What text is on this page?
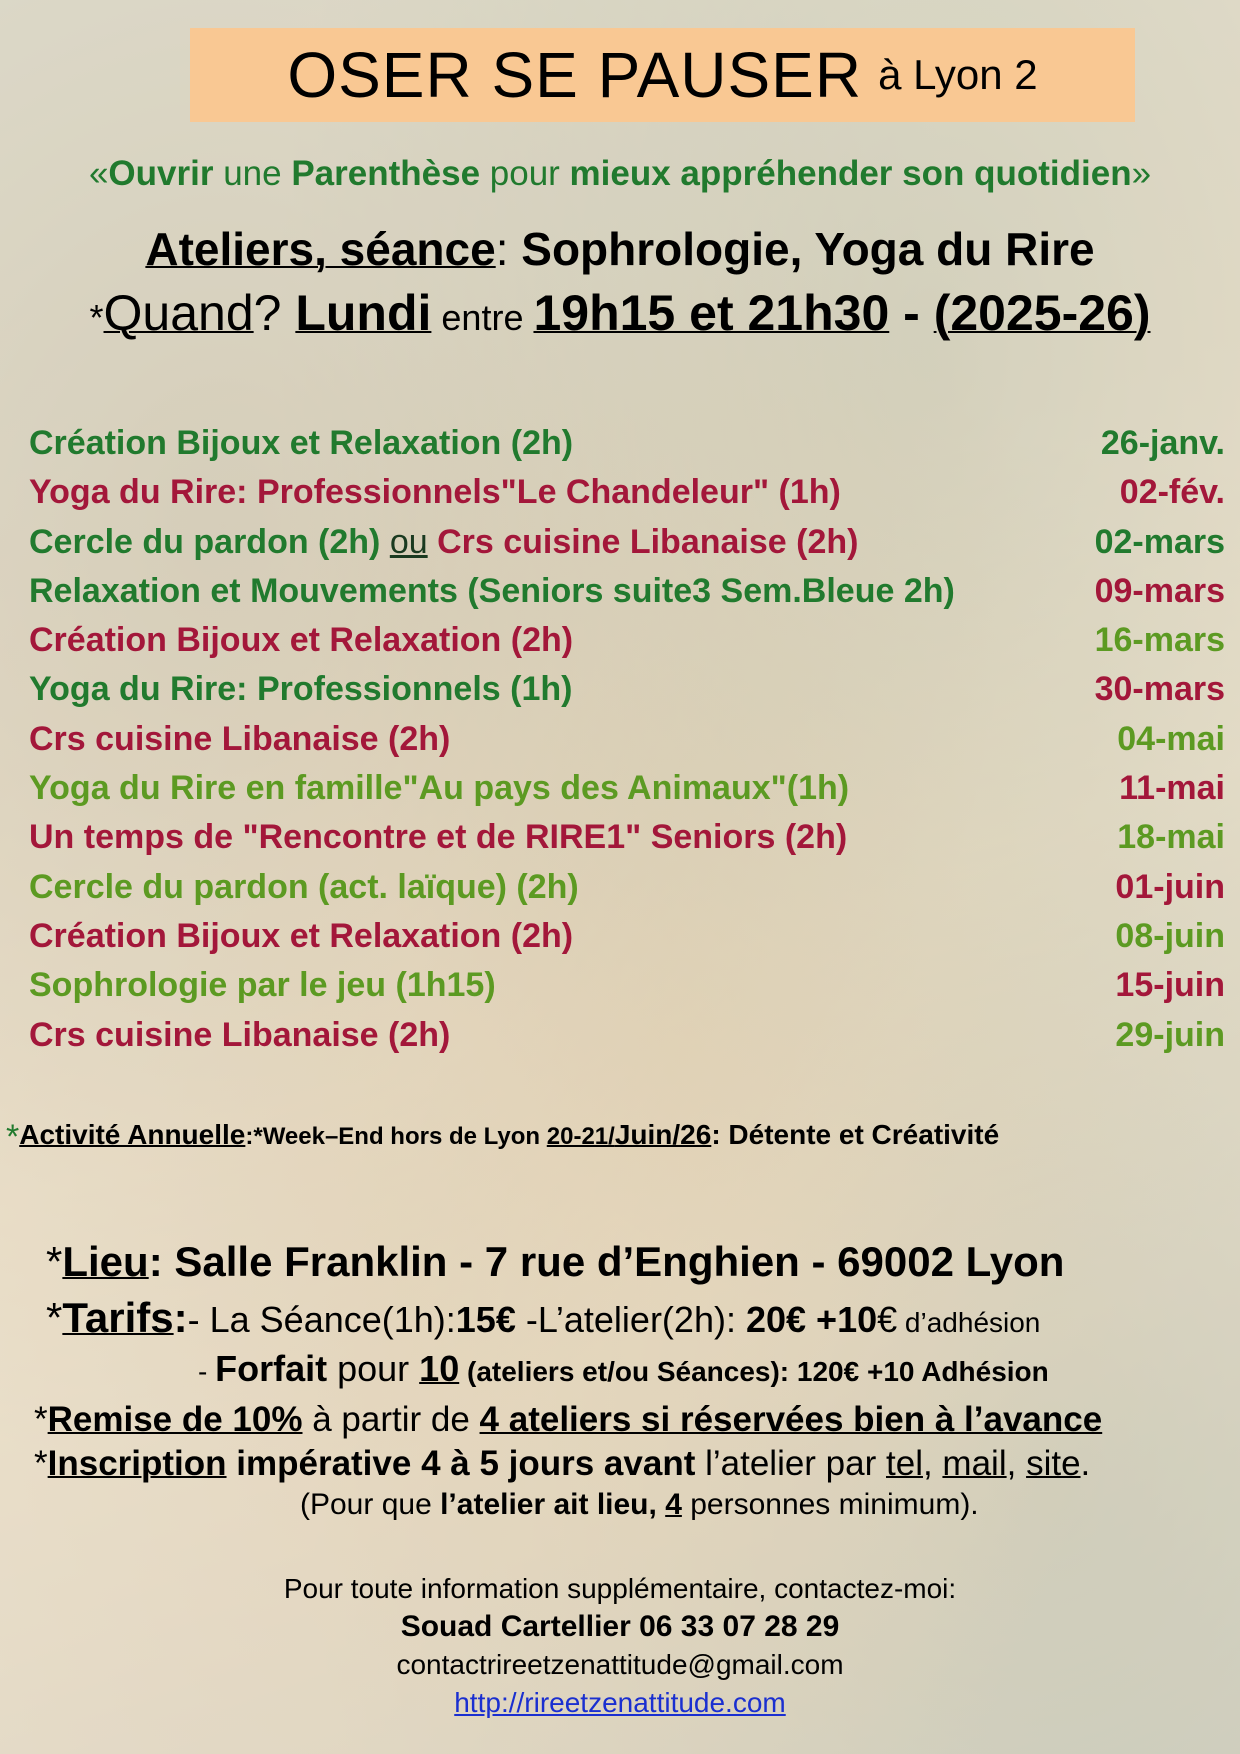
OSER SE PAUSER à Lyon 2
«Ouvrir une Parenthèse pour mieux appréhender son quotidien»
Ateliers, séance: Sophrologie, Yoga du Rire
*Quand? Lundi entre 19h15 et 21h30 - (2025-26)
Création Bijoux et Relaxation (2h)	26-janv.
Yoga du Rire: Professionnels"Le Chandeleur" (1h)	02-fév.
Cercle du pardon (2h) ou Crs cuisine Libanaise (2h)	02-mars
Relaxation et Mouvements (Seniors suite3 Sem.Bleue 2h)	09-mars
Création Bijoux et Relaxation (2h)	16-mars
Yoga du Rire: Professionnels (1h)	30-mars
Crs cuisine Libanaise (2h)	04-mai
Yoga du Rire en famille"Au pays des Animaux"(1h)	11-mai
Un temps de "Rencontre et de RIRE1" Seniors (2h)	18-mai
Cercle du pardon (act. laïque) (2h)	01-juin
Création Bijoux et Relaxation (2h)	08-juin
Sophrologie par le jeu (1h15)	15-juin
Crs cuisine Libanaise (2h)	29-juin
*Activité Annuelle:*Week–End hors de Lyon 20-21/Juin/26: Détente et Créativité
*Lieu: Salle Franklin - 7 rue d’Enghien - 69002 Lyon
*Tarifs:- La Séance(1h):15€ -L’atelier(2h): 20€ +10€ d’adhésion
- Forfait pour 10 (ateliers et/ou Séances): 120€ +10 Adhésion
*Remise de 10% à partir de 4 ateliers si réservées bien à l’avance
*Inscription impérative 4 à 5 jours avant l’atelier par tel, mail, site.
(Pour que l’atelier ait lieu, 4 personnes minimum).
Pour toute information supplémentaire, contactez-moi:
Souad Cartellier 06 33 07 28 29
contactrireetzenattitude@gmail.com
http://rireetzenattitude.com
